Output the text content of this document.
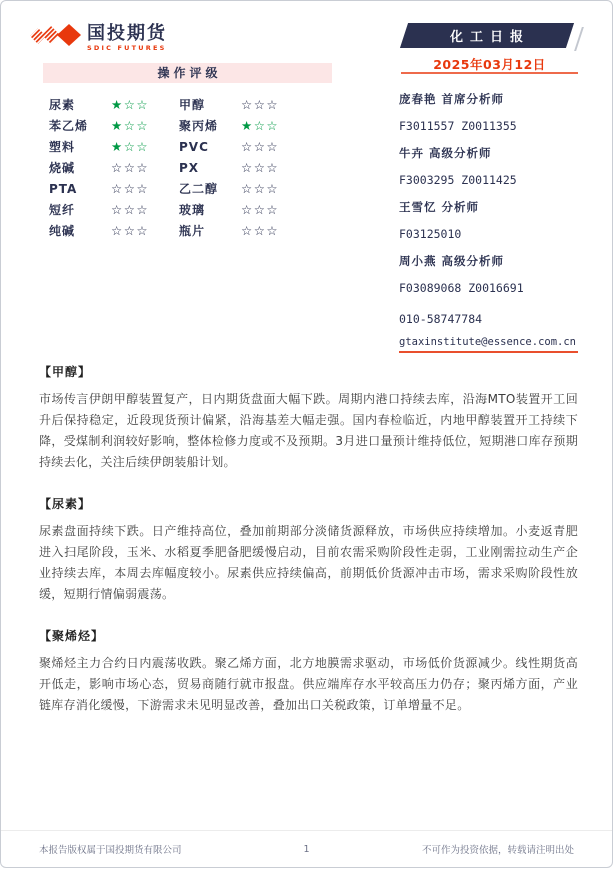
国投期货
SDIC FUTURES
化工日报
2025年03月12日
操作评级
尿素	★☆☆	甲醇	☆☆☆
苯乙烯	★☆☆	聚丙烯	★☆☆
塑料	★☆☆	PVC	☆☆☆
烧碱	☆☆☆	PX	☆☆☆
PTA	☆☆☆	乙二醇	☆☆☆
短纤	☆☆☆	玻璃	☆☆☆
纯碱	☆☆☆	瓶片	☆☆☆
庞春艳 首席分析师
F3011557 Z0011355
牛卉 高级分析师
F3003295 Z0011425
王雪忆 分析师
F03125010
周小燕 高级分析师
F03089068 Z0016691
010-58747784
gtaxinstitute@essence.com.cn
【甲醇】
市场传言伊朗甲醇装置复产，日内期货盘面大幅下跌。周期内港口持续去库，沿海MTO装置开工回升后保持稳定，近段现货预计偏紧，沿海基差大幅走强。国内春检临近，内地甲醇装置开工持续下降，受煤制利润较好影响，整体检修力度或不及预期。3月进口量预计维持低位，短期港口库存预期持续去化，关注后续伊朗装船计划。
【尿素】
尿素盘面持续下跌。日产维持高位，叠加前期部分淡储货源释放，市场供应持续增加。小麦返青肥进入扫尾阶段，玉米、水稻夏季肥备肥缓慢启动，目前农需采购阶段性走弱，工业刚需拉动生产企业持续去库，本周去库幅度较小。尿素供应持续偏高，前期低价货源冲击市场，需求采购阶段性放缓，短期行情偏弱震荡。
【聚烯烃】
聚烯烃主力合约日内震荡收跌。聚乙烯方面，北方地膜需求驱动，市场低价货源减少。线性期货高开低走，影响市场心态，贸易商随行就市报盘。供应端库存水平较高压力仍存；聚丙烯方面，产业链库存消化缓慢，下游需求未见明显改善，叠加出口关税政策，订单增量不足。
本报告版权属于国投期货有限公司	1	不可作为投资依据，转载请注明出处
